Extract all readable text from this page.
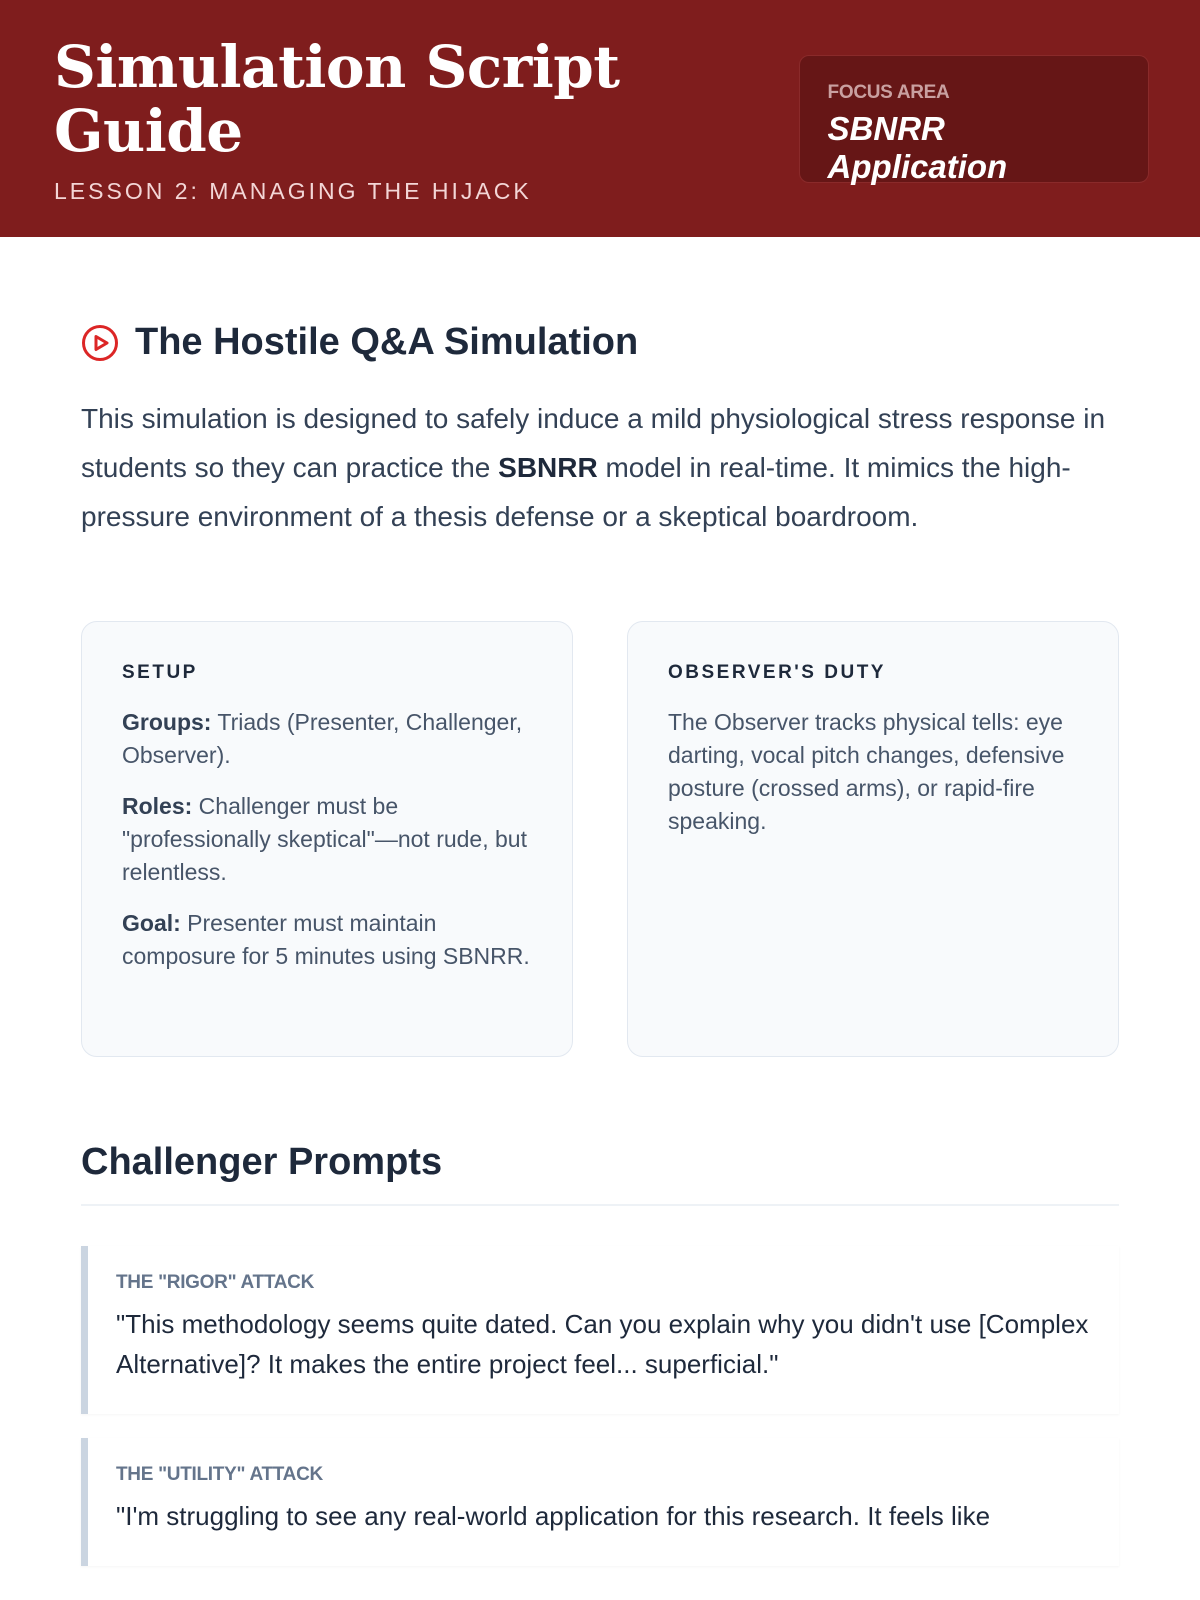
Simulation Script Guide
LESSON 2: MANAGING THE HIJACK
FOCUS AREA
SBNRR Application
The Hostile Q&A Simulation
This simulation is designed to safely induce a mild physiological stress response in students so they can practice the SBNRR model in real-time. It mimics the high-pressure environment of a thesis defense or a skeptical boardroom.
SETUP

Groups: Triads (Presenter, Challenger, Observer).

Roles: Challenger must be "professionally skeptical"—not rude, but relentless.

Goal: Presenter must maintain composure for 5 minutes using SBNRR.

OBSERVER'S DUTY

The Observer tracks physical tells: eye darting, vocal pitch changes, defensive posture (crossed arms), or rapid-fire speaking.

Challenger Prompts
THE "RIGOR" ATTACK
"This methodology seems quite dated. Can you explain why you didn't use [Complex Alternative]? It makes the entire project feel... superficial."
THE "UTILITY" ATTACK
"I'm struggling to see any real-world application for this research. It feels like
